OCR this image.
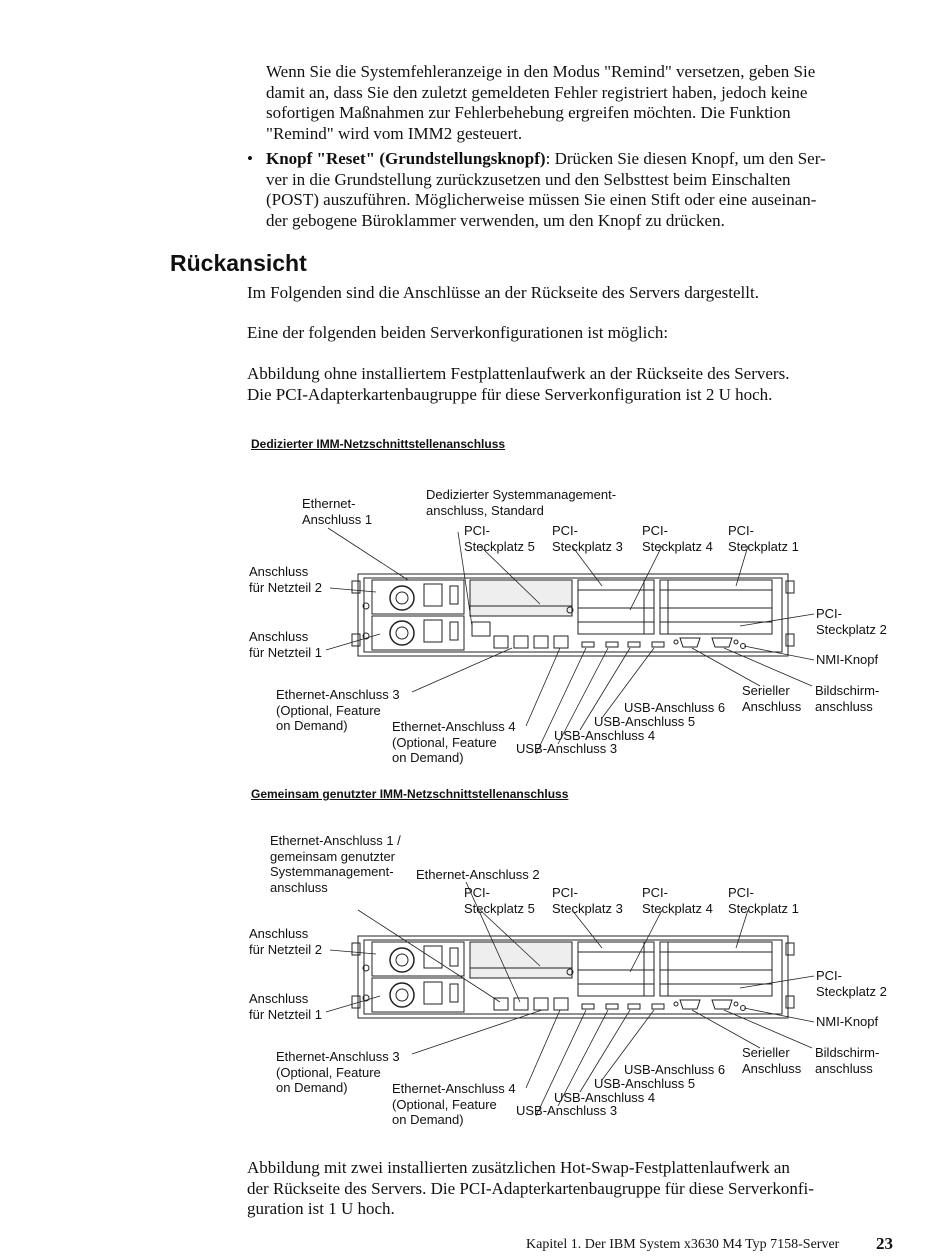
Wenn Sie die Systemfehleranzeige in den Modus "Remind" versetzen, geben Sie
damit an, dass Sie den zuletzt gemeldeten Fehler registriert haben, jedoch keine
sofortigen Maßnahmen zur Fehlerbehebung ergreifen möchten. Die Funktion
"Remind" wird vom IMM2 gesteuert.
• Knopf "Reset" (Grundstellungsknopf): Drücken Sie diesen Knopf, um den Ser-
ver in die Grundstellung zurückzusetzen und den Selbsttest beim Einschalten
(POST) auszuführen. Möglicherweise müssen Sie einen Stift oder eine auseinan-
der gebogene Büroklammer verwenden, um den Knopf zu drücken.
Rückansicht
Im Folgenden sind die Anschlüsse an der Rückseite des Servers dargestellt.
Eine der folgenden beiden Serverkonfigurationen ist möglich:
Abbildung ohne installiertem Festplattenlaufwerk an der Rückseite des Servers.
Die PCI-Adapterkartenbaugruppe für diese Serverkonfiguration ist 2 U hoch.
Dedizierter IMM-Netzschnittstellenanschluss
Ethernet-
Anschluss 1
Dedizierter Systemmanagement-
anschluss, Standard
PCI-
Steckplatz 5
PCI-
Steckplatz 3
PCI-
Steckplatz 4
PCI-
Steckplatz 1
Anschluss
für Netzteil 2
Anschluss
für Netzteil 1
PCI-
Steckplatz 2
NMI-Knopf
Serieller
Anschluss
Bildschirm-
anschluss
Ethernet-Anschluss 3
(Optional, Feature
on Demand)	Ethernet-Anschluss 4
(Optional, Feature
on Demand)
USB-Anschluss 6
USB-Anschluss 5
USB-Anschluss 4
USB-Anschluss 3
Gemeinsam genutzter IMM-Netzschnittstellenanschluss
Ethernet-Anschluss 1 /
gemeinsam genutzter
Systemmanagement-
anschluss
Ethernet-Anschluss 2
PCI-
Steckplatz 5
PCI-
Steckplatz 3
PCI-
Steckplatz 4
PCI-
Steckplatz 1
Anschluss
für Netzteil 2
Anschluss
für Netzteil 1
PCI-
Steckplatz 2
NMI-Knopf
Serieller
Anschluss
Bildschirm-
anschluss
Ethernet-Anschluss 3
(Optional, Feature
on Demand)	Ethernet-Anschluss 4
(Optional, Feature
on Demand)
USB-Anschluss 6
USB-Anschluss 5
USB-Anschluss 4
USB-Anschluss 3
Abbildung mit zwei installierten zusätzlichen Hot-Swap-Festplattenlaufwerk an
der Rückseite des Servers. Die PCI-Adapterkartenbaugruppe für diese Serverkonfi-
guration ist 1 U hoch.
Kapitel 1. Der IBM System x3630 M4 Typ 7158-Server 23
